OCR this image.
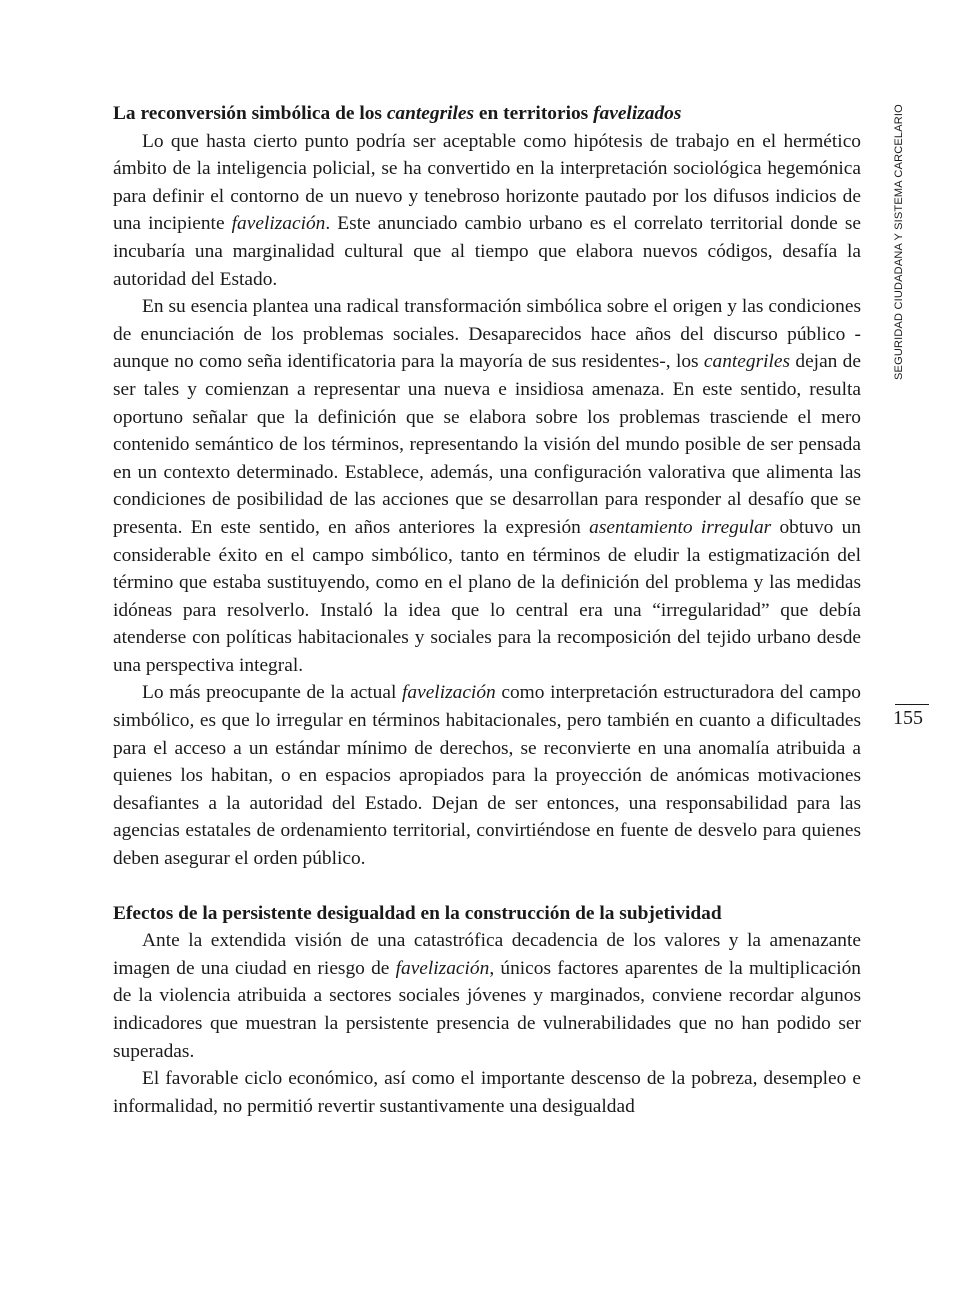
SEGURIDAD CIUDADANA Y SISTEMA CARCELARIO
155

La reconversión simbólica de los cantegriles en territorios favelizados

Lo que hasta cierto punto podría ser aceptable como hipótesis de trabajo en el hermético ámbito de la inteligencia policial, se ha convertido en la interpretación sociológica hegemónica para definir el contorno de un nuevo y tenebroso horizonte pautado por los difusos indicios de una incipiente favelización. Este anunciado cambio urbano es el correlato territorial donde se incubaría una marginalidad cultural que al tiempo que elabora nuevos códigos, desafía la autoridad del Estado.

En su esencia plantea una radical transformación simbólica sobre el origen y las condiciones de enunciación de los problemas sociales. Desaparecidos hace años del discurso público -aunque no como seña identificatoria para la mayoría de sus residentes-, los cantegriles dejan de ser tales y comienzan a representar una nueva e insidiosa amenaza. En este sentido, resulta oportuno señalar que la definición que se elabora sobre los problemas trasciende el mero contenido semántico de los términos, representando la visión del mundo posible de ser pensada en un contexto determinado. Establece, además, una configuración valorativa que alimenta las condiciones de posibilidad de las acciones que se desarrollan para responder al desafío que se presenta. En este sentido, en años anteriores la expresión asentamiento irregular obtuvo un considerable éxito en el campo simbólico, tanto en términos de eludir la estigmatización del término que estaba sustituyendo, como en el plano de la definición del problema y las medidas idóneas para resolverlo. Instaló la idea que lo central era una “irregularidad” que debía atenderse con políticas habitacionales y sociales para la recomposición del tejido urbano desde una perspectiva integral.

Lo más preocupante de la actual favelización como interpretación estructuradora del campo simbólico, es que lo irregular en términos habitacionales, pero también en cuanto a dificultades para el acceso a un estándar mínimo de derechos, se reconvierte en una anomalía atribuida a quienes los habitan, o en espacios apropiados para la proyección de anómicas motivaciones desafiantes a la autoridad del Estado. Dejan de ser entonces, una responsabilidad para las agencias estatales de ordenamiento territorial, convirtiéndose en fuente de desvelo para quienes deben asegurar el orden público.

Efectos de la persistente desigualdad en la construcción de la subjetividad

Ante la extendida visión de una catastrófica decadencia de los valores y la amenazante imagen de una ciudad en riesgo de favelización, únicos factores aparentes de la multiplicación de la violencia atribuida a sectores sociales jóvenes y marginados, conviene recordar algunos indicadores que muestran la persistente presencia de vulnerabilidades que no han podido ser superadas.

El favorable ciclo económico, así como el importante descenso de la pobreza, desempleo e informalidad, no permitió revertir sustantivamente una desigualdad
